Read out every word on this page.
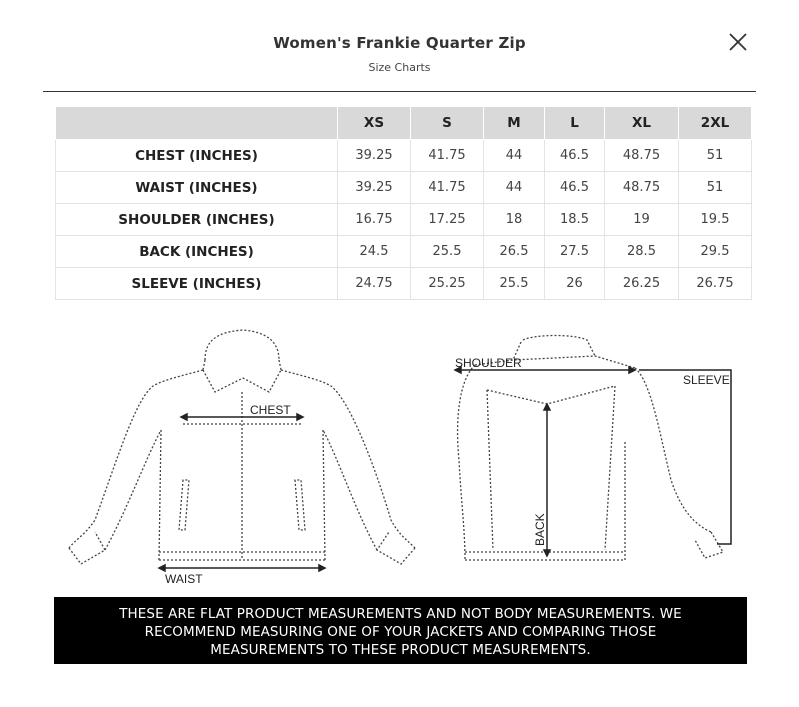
Women's Frankie Quarter Zip
Size Charts
	XS	S	M	L	XL	2XL
CHEST (INCHES)	39.25	41.75	44	46.5	48.75	51
WAIST (INCHES)	39.25	41.75	44	46.5	48.75	51
SHOULDER (INCHES)	16.75	17.25	18	18.5	19	19.5
BACK (INCHES)	24.5	25.5	26.5	27.5	28.5	29.5
SLEEVE (INCHES)	24.75	25.25	25.5	26	26.25	26.75
CHEST
WAIST
SHOULDER
SLEEVE
BACK
THESE ARE FLAT PRODUCT MEASUREMENTS AND NOT BODY MEASUREMENTS. WE
RECOMMEND MEASURING ONE OF YOUR JACKETS AND COMPARING THOSE
MEASUREMENTS TO THESE PRODUCT MEASUREMENTS.
